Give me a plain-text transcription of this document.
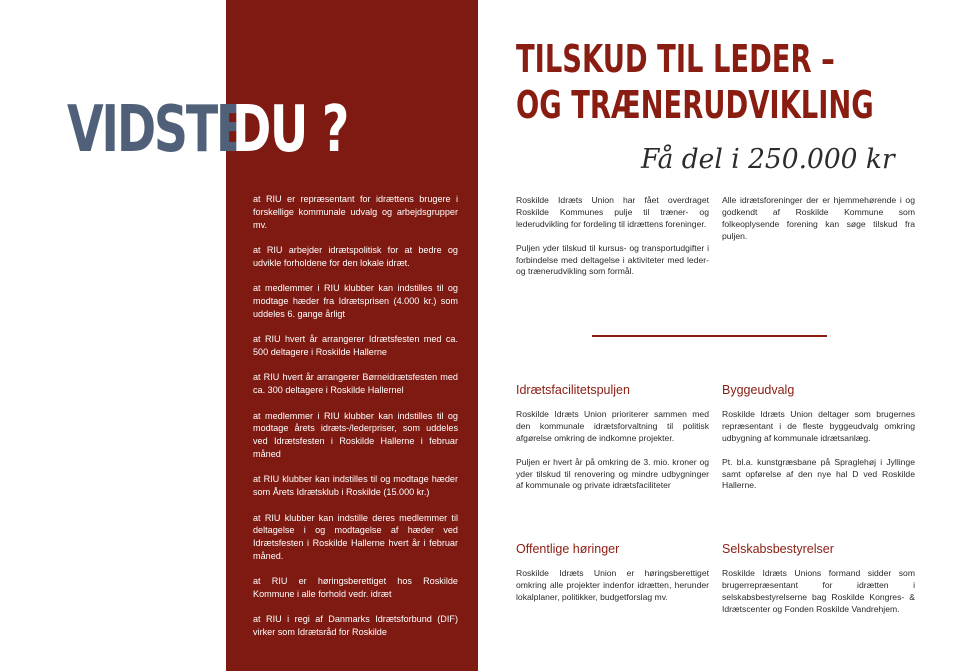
VIDSTE
DU ?
at RIU er repræsentant for idrættens brugere i forskellige kommunale udvalg og arbejdsgrupper mv.
at RIU arbejder idrætspolitisk for at bedre og udvikle forholdene for den lokale idræt.
at medlemmer i RIU klubber kan indstilles til og modtage hæder fra Idrætsprisen (4.000 kr.) som uddeles 6. gange årligt
at RIU hvert år arrangerer Idrætsfesten med ca. 500 deltagere i Roskilde Hallerne
at RIU hvert år arrangerer Børneidrætsfesten med ca. 300 deltagere i Roskilde Hallernel
at medlemmer i RIU klubber kan indstilles til og modtage årets idræts-/lederpriser, som uddeles ved Idrætsfesten i Roskilde Hallerne i februar måned
at RIU klubber kan indstilles til og modtage hæder som Årets Idrætsklub i Roskilde (15.000 kr.)
at RIU klubber kan indstille deres medlemmer til deltagelse i og modtagelse af hæder ved Idrætsfesten i Roskilde Hallerne hvert år i februar måned.
at RIU er høringsberettiget hos Roskilde Kommune i alle forhold vedr. idræt
at RIU i regi af Danmarks Idrætsforbund (DIF) virker som Idrætsråd for Roskilde
TILSKUD TIL LEDER –
OG TRÆNERUDVIKLING
Få del i 250.000 kr

Roskilde Idræts Union har fået overdraget Roskilde Kommunes pulje til træner- og lederudvikling for fordeling til idrættens foreninger.

Puljen yder tilskud til kursus- og transportudgifter i forbindelse med deltagelse i aktiviteter med leder- og trænerudvikling som formål.

Alle idrætsforeninger der er hjemmehørende i og godkendt af Roskilde Kommune som folkeoplysende forening kan søge tilskud fra puljen.

Idrætsfacilitetspuljen

Roskilde Idræts Union prioriterer sammen med den kommunale idrætsforvaltning til politisk afgørelse omkring de indkomne projekter.

Puljen er hvert år på omkring de 3. mio. kroner og yder tilskud til renovering og mindre udbygninger af kommunale og private idrætsfaciliteter

Byggeudvalg

Roskilde Idræts Union deltager som brugernes repræsentant i de fleste byggeudvalg omkring udbygning af kommunale idrætsanlæg.

Pt. bl.a. kunstgræsbane på Spraglehøj i Jyllinge samt opførelse af den nye hal D ved Roskilde Hallerne.

Offentlige høringer

Roskilde Idræts Union er høringsberettiget omkring alle projekter indenfor idrætten, herunder lokalplaner, politikker, budgetforslag mv.

Selskabsbestyrelser

Roskilde Idræts Unions formand sidder som brugerrepræsentant for idrætten i selskabsbestyrelserne bag Roskilde Kongres- & Idrætscenter og Fonden Roskilde Vandrehjem.
